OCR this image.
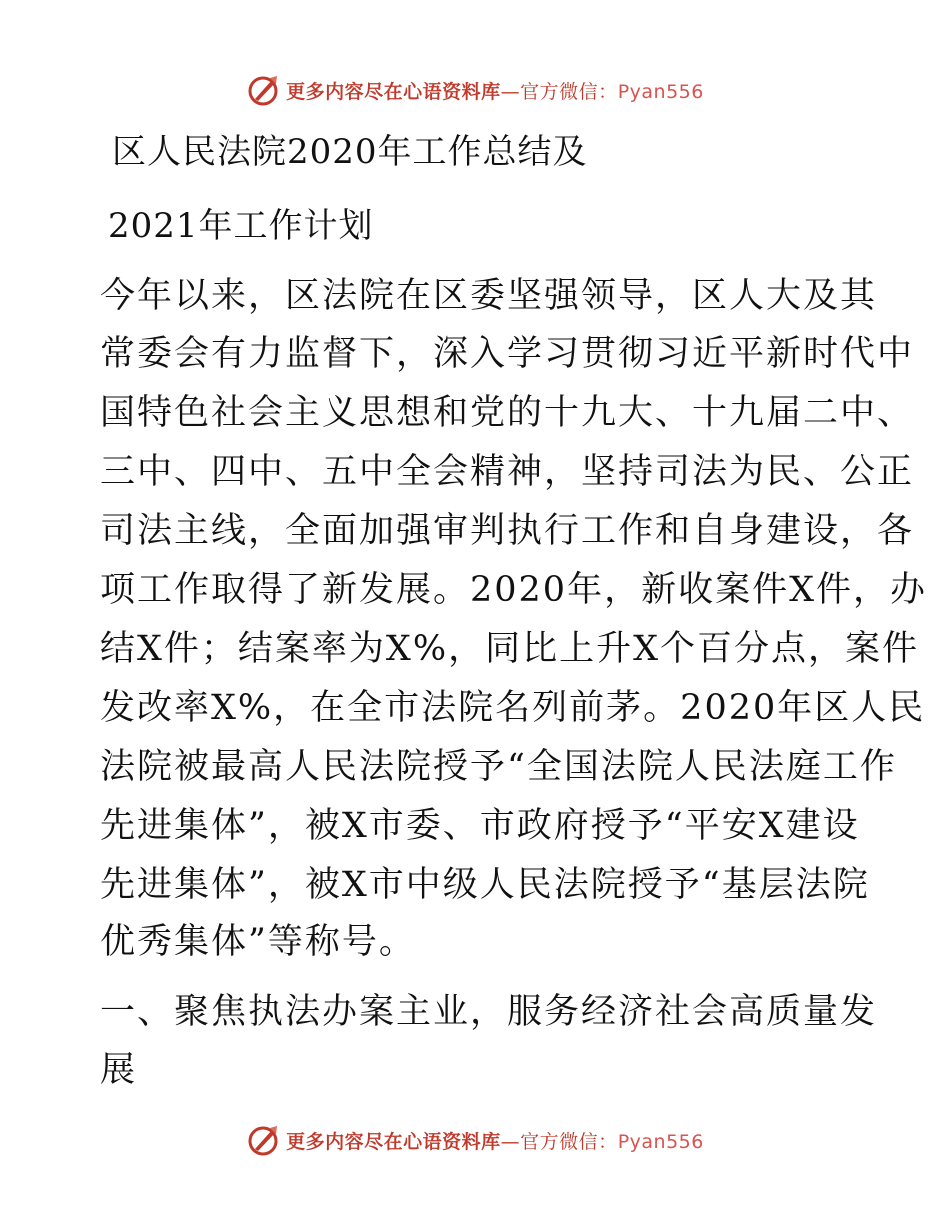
更多内容尽在心语资料库—官方微信：Pyan556
区人民法院2020年工作总结及
2021年工作计划
今年以来，区法院在区委坚强领导，区人大及其
常委会有力监督下，深入学习贯彻习近平新时代中
国特色社会主义思想和党的十九大、十九届二中、
三中、四中、五中全会精神，坚持司法为民、公正
司法主线，全面加强审判执行工作和自身建设，各
项工作取得了新发展。2020年，新收案件X件，办
结X件；结案率为X%，同比上升X个百分点，案件
发改率X%，在全市法院名列前茅。2020年区人民
法院被最高人民法院授予“全国法院人民法庭工作
先进集体”，被X市委、市政府授予“平安X建设
先进集体”，被X市中级人民法院授予“基层法院
优秀集体”等称号。
一、聚焦执法办案主业，服务经济社会高质量发
展
更多内容尽在心语资料库—官方微信：Pyan556
